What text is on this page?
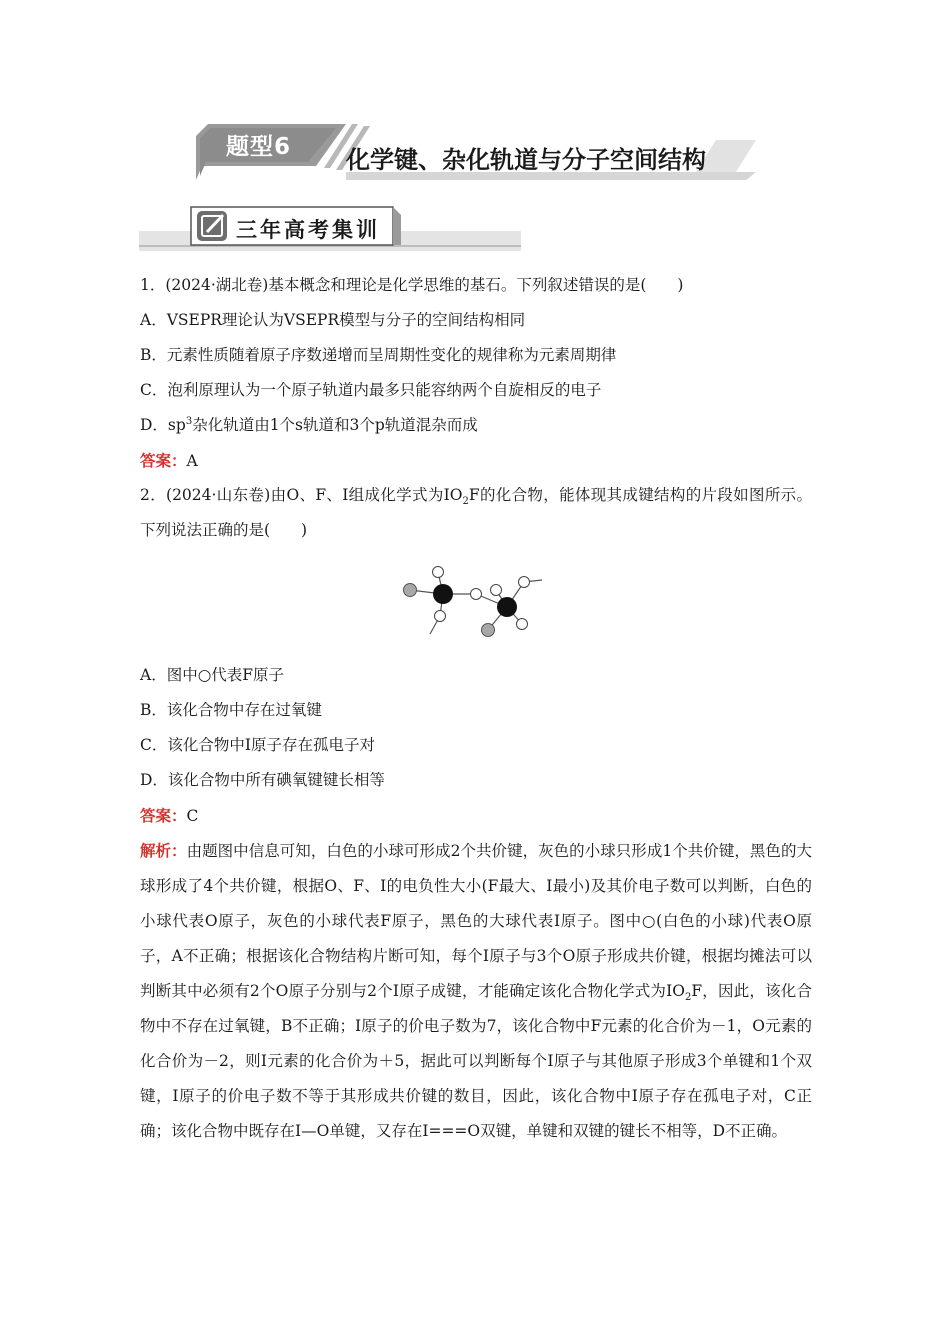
题型6 化学键、杂化轨道与分子空间结构
三年高考集训
1．(2024·湖北卷)基本概念和理论是化学思维的基石。下列叙述错误的是(　　)
A．VSEPR理论认为VSEPR模型与分子的空间结构相同
B．元素性质随着原子序数递增而呈周期性变化的规律称为元素周期律
C．泡利原理认为一个原子轨道内最多只能容纳两个自旋相反的电子
D．$sp^3$杂化轨道由1个s轨道和3个p轨道混杂而成
答案：A

2．(2024·山东卷)由O、F、I组成化学式为$IO_2F$的化合物，能体现其成键结构的片段如图所示。下列说法正确的是(　　)

A．图中○代表F原子
B．该化合物中存在过氧键
C．该化合物中I原子存在孤电子对
D．该化合物中所有碘氧键键长相等
答案：C

解析：由题图中信息可知，白色的小球可形成2个共价键，灰色的小球只形成1个共价键，黑色的大球形成了4个共价键，根据O、F、I的电负性大小(F最大、I最小)及其价电子数可以判断，白色的小球代表O原子，灰色的小球代表F原子，黑色的大球代表I原子。图中○(白色的小球)代表O原子，A不正确；根据该化合物结构片断可知，每个I原子与3个O原子形成共价键，根据均摊法可以判断其中必须有2个O原子分别与2个I原子成键，才能确定该化合物化学式为$IO_2F$，因此，该化合物中不存在过氧键，B不正确；I原子的价电子数为7，该化合物中F元素的化合价为－1，O元素的化合价为－2，则I元素的化合价为＋5，据此可以判断每个I原子与其他原子形成3个单键和1个双键，I原子的价电子数不等于其形成共价键的数目，因此，该化合物中I原子存在孤电子对，C正确；该化合物中既存在I—O单键，又存在I===O双键，单键和双键的键长不相等，D不正确。
